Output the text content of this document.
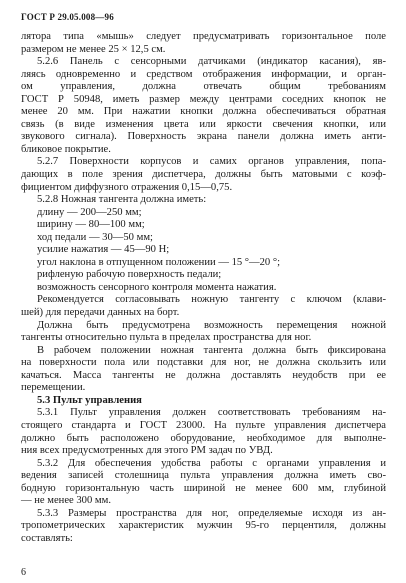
ГОСТ Р 29.05.008—96
лятора типа «мышь» следует предусматривать горизонтальное поле
размером не менее 25 × 12,5 см.
5.2.6 Панель с сенсорными датчиками (индикатор касания), яв-
ляясь одновременно и средством отображения информации, и орган-
ом управления, должна отвечать общим требованиям
ГОСТ Р 50948, иметь размер между центрами соседних кнопок не
менее 20 мм. При нажатии кнопки должна обеспечиваться обратная
связь (в виде изменения цвета или яркости свечения кнопки, или
звукового сигнала). Поверхность экрана панели должна иметь анти-
бликовое покрытие.
5.2.7 Поверхности корпусов и самих органов управления, попа-
дающих в поле зрения диспетчера, должны быть матовыми с коэф-
фициентом диффузного отражения 0,15—0,75.
5.2.8 Ножная тангента должна иметь:
длину — 200—250 мм;
ширину — 80—100 мм;
ход педали — 30—50 мм;
усилие нажатия — 45—90 Н;
угол наклона в отпущенном положении — 15 °—20 °;
рифленую рабочую поверхность педали;
возможность сенсорного контроля момента нажатия.
Рекомендуется согласовывать ножную тангенту с ключом (клави-
шей) для передачи данных на борт.
Должна быть предусмотрена возможность перемещения ножной
тангенты относительно пульта в пределах пространства для ног.
В рабочем положении ножная тангента должна быть фиксирована
на поверхности пола или подставки для ног, не должна скользить или
качаться. Масса тангенты не должна доставлять неудобств при ее
перемещении.
5.3 Пульт управления
5.3.1 Пульт управления должен соответствовать требованиям на-
стоящего стандарта и ГОСТ 23000. На пульте управления диспетчера
должно быть расположено оборудование, необходимое для выполне-
ния всех предусмотренных для этого РМ задач по УВД.
5.3.2 Для обеспечения удобства работы с органами управления и
ведения записей столешница пульта управления должна иметь сво-
бодную горизонтальную часть шириной не менее 600 мм, глубиной
— не менее 300 мм.
5.3.3 Размеры пространства для ног, определяемые исходя из ан-
тропометрических характеристик мужчин 95-го перцентиля, должны
составлять:
6
